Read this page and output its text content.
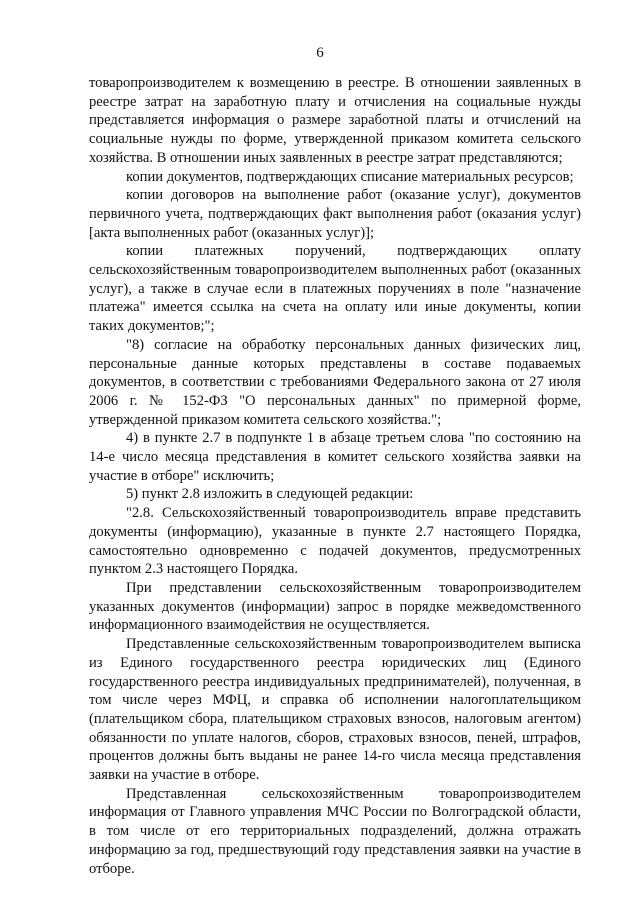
6

товаропроизводителем к возмещению в реестре. В отношении заявленных в реестре затрат на заработную плату и отчисления на социальные нужды представляется информация о размере заработной платы и отчислений на социальные нужды по форме, утвержденной приказом комитета сельского хозяйства. В отношении иных заявленных в реестре затрат представляются;

копии документов, подтверждающих списание материальных ресурсов;

копии договоров на выполнение работ (оказание услуг), документов первичного учета, подтверждающих факт выполнения работ (оказания услуг) [акта выполненных работ (оказанных услуг)];

копии платежных поручений, подтверждающих оплату сельскохозяйственным товаропроизводителем выполненных работ (оказанных услуг), а также в случае если в платежных поручениях в поле "назначение платежа" имеется ссылка на счета на оплату или иные документы, копии таких документов;";

"8) согласие на обработку персональных данных физических лиц, персональные данные которых представлены в составе подаваемых документов, в соответствии с требованиями Федерального закона от 27 июля 2006 г. № 152-ФЗ "О персональных данных" по примерной форме, утвержденной приказом комитета сельского хозяйства.";

4) в пункте 2.7 в подпункте 1 в абзаце третьем слова "по состоянию на 14-е число месяца представления в комитет сельского хозяйства заявки на участие в отборе" исключить;

5) пункт 2.8 изложить в следующей редакции:

"2.8. Сельскохозяйственный товаропроизводитель вправе представить документы (информацию), указанные в пункте 2.7 настоящего Порядка, самостоятельно одновременно с подачей документов, предусмотренных пунктом 2.3 настоящего Порядка.

При представлении сельскохозяйственным товаропроизводителем указанных документов (информации) запрос в порядке межведомственного информационного взаимодействия не осуществляется.

Представленные сельскохозяйственным товаропроизводителем выписка из Единого государственного реестра юридических лиц (Единого государственного реестра индивидуальных предпринимателей), полученная, в том числе через МФЦ, и справка об исполнении налогоплательщиком (плательщиком сбора, плательщиком страховых взносов, налоговым агентом) обязанности по уплате налогов, сборов, страховых взносов, пеней, штрафов, процентов должны быть выданы не ранее 14-го числа месяца представления заявки на участие в отборе.

Представленная сельскохозяйственным товаропроизводителем информация от Главного управления МЧС России по Волгоградской области, в том числе от его территориальных подразделений, должна отражать информацию за год, предшествующий году представления заявки на участие в отборе.
